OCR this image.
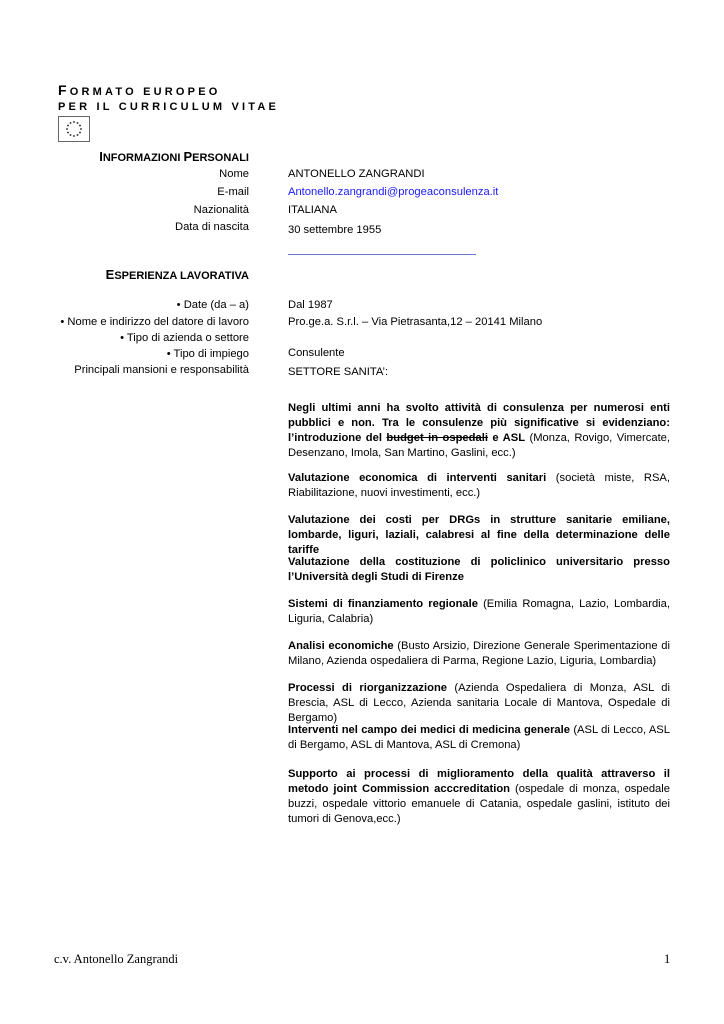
FORMATO EUROPEO
PER IL CURRICULUM VITAE
INFORMAZIONI PERSONALI
Nome	ANTONELLO ZANGRANDI
E-mail	Antonello.zangrandi@progeaconsulenza.it
Nazionalità	ITALIANA
Data di nascita	30 settembre 1955
ESPERIENZA LAVORATIVA
• Date (da – a)	Dal 1987
• Nome e indirizzo del datore di lavoro	Pro.ge.a. S.r.l. – Via Pietrasanta,12 – 20141 Milano
• Tipo di azienda o settore
• Tipo di impiego	Consulente
Principali mansioni e responsabilità	SETTORE SANITA’:
Negli ultimi anni ha svolto attività di consulenza per numerosi enti pubblici e non. Tra le consulenze più significative si evidenziano: l’introduzione del budget in ospedali e ASL (Monza, Rovigo, Vimercate, Desenzano, Imola, San Martino, Gaslini, ecc.)
Valutazione economica di interventi sanitari (società miste, RSA, Riabilitazione, nuovi investimenti, ecc.)
Valutazione dei costi per DRGs in strutture sanitarie emiliane, lombarde, liguri, laziali, calabresi al fine della determinazione delle tariffe
Valutazione della costituzione di policlinico universitario presso l’Università degli Studi di Firenze
Sistemi di finanziamento regionale (Emilia Romagna, Lazio, Lombardia, Liguria, Calabria)
Analisi economiche (Busto Arsizio, Direzione Generale Sperimentazione di Milano, Azienda ospedaliera di Parma, Regione Lazio, Liguria, Lombardia)
Processi di riorganizzazione (Azienda Ospedaliera di Monza, ASL di Brescia, ASL di Lecco, Azienda sanitaria Locale di Mantova, Ospedale di Bergamo)
Interventi nel campo dei medici di medicina generale (ASL di Lecco, ASL di Bergamo, ASL di Mantova, ASL di Cremona)
Supporto ai processi di miglioramento della qualità attraverso il metodo joint Commission acccreditation (ospedale di monza, ospedale buzzi, ospedale vittorio emanuele di Catania, ospedale gaslini, istituto dei tumori di Genova,ecc.)
c.v. Antonello Zangrandi	1
